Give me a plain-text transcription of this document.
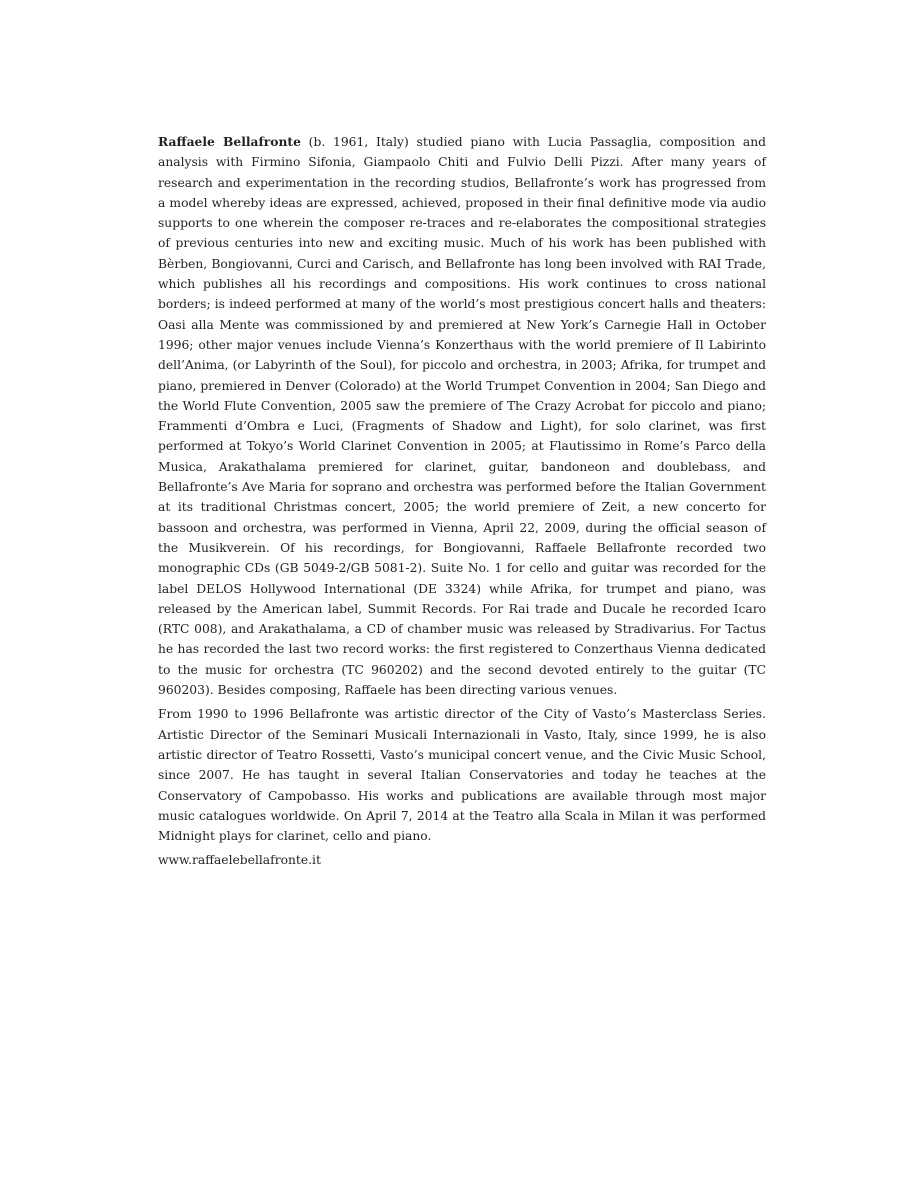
Raffaele Bellafronte (b. 1961, Italy) studied piano with Lucia Passaglia, composition and analysis with Firmino Sifonia, Giampaolo Chiti and Fulvio Delli Pizzi. After many years of research and experimentation in the recording studios, Bellafronte’s work has progressed from a model whereby ideas are expressed, achieved, proposed in their final definitive mode via audio supports to one wherein the composer re-traces and re-elaborates the compositional strategies of previous centuries into new and exciting music. Much of his work has been published with Bèrben, Bongiovanni, Curci and Carisch, and Bellafronte has long been involved with RAI Trade, which publishes all his recordings and compositions. His work continues to cross national borders; is indeed performed at many of the world’s most prestigious concert halls and theaters: Oasi alla Mente was commissioned by and premiered at New York’s Carnegie Hall in October 1996; other major venues include Vienna’s Konzerthaus with the world premiere of Il Labirinto dell’Anima, (or Labyrinth of the Soul), for piccolo and orchestra, in 2003; Afrika, for trumpet and piano, premiered in Denver (Colorado) at the World Trumpet Convention in 2004; San Diego and the World Flute Convention, 2005 saw the premiere of The Crazy Acrobat for piccolo and piano; Frammenti d’Ombra e Luci, (Fragments of Shadow and Light), for solo clarinet, was first performed at Tokyo’s World Clarinet Convention in 2005; at Flautissimo in Rome’s Parco della Musica, Arakathalama premiered for clarinet, guitar, bandoneon and doublebass, and Bellafronte’s Ave Maria for soprano and orchestra was performed before the Italian Government at its traditional Christmas concert, 2005; the world premiere of Zeit, a new concerto for bassoon and orchestra, was performed in Vienna, April 22, 2009, during the official season of the Musikverein. Of his recordings, for Bongiovanni, Raffaele Bellafronte recorded two monographic CDs (GB 5049-2/GB 5081-2). Suite No. 1 for cello and guitar was recorded for the label DELOS Hollywood International (DE 3324) while Afrika, for trumpet and piano, was released by the American label, Summit Records. For Rai trade and Ducale he recorded Icaro (RTC 008), and Arakathalama, a CD of chamber music was released by Stradivarius. For Tactus he has recorded the last two record works: the first registered to Conzerthaus Vienna dedicated to the music for orchestra (TC 960202) and the second devoted entirely to the guitar (TC 960203). Besides composing, Raffaele has been directing various venues.

From 1990 to 1996 Bellafronte was artistic director of the City of Vasto’s Masterclass Series. Artistic Director of the Seminari Musicali Internazionali in Vasto, Italy, since 1999, he is also artistic director of Teatro Rossetti, Vasto’s municipal concert venue, and the Civic Music School, since 2007. He has taught in several Italian Conservatories and today he teaches at the Conservatory of Campobasso. His works and publications are available through most major music catalogues worldwide. On April 7, 2014 at the Teatro alla Scala in Milan it was performed Midnight plays for clarinet, cello and piano.

www.raffaelebellafronte.it
